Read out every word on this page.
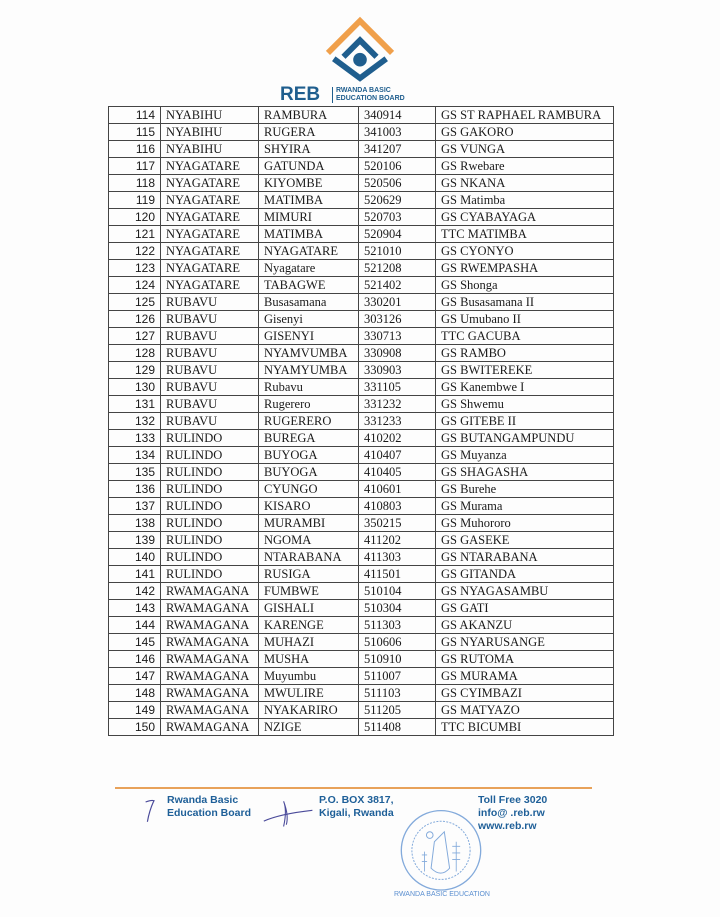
REB RWANDA BASIC
EDUCATION BOARD
114	NYABIHU	RAMBURA	340914	GS ST RAPHAEL RAMBURA
115	NYABIHU	RUGERA	341003	GS GAKORO
116	NYABIHU	SHYIRA	341207	GS VUNGA
117	NYAGATARE	GATUNDA	520106	GS Rwebare
118	NYAGATARE	KIYOMBE	520506	GS NKANA
119	NYAGATARE	MATIMBA	520629	GS Matimba
120	NYAGATARE	MIMURI	520703	GS CYABAYAGA
121	NYAGATARE	MATIMBA	520904	TTC MATIMBA
122	NYAGATARE	NYAGATARE	521010	GS CYONYO
123	NYAGATARE	Nyagatare	521208	GS RWEMPASHA
124	NYAGATARE	TABAGWE	521402	GS Shonga
125	RUBAVU	Busasamana	330201	GS Busasamana II
126	RUBAVU	Gisenyi	303126	GS Umubano II
127	RUBAVU	GISENYI	330713	TTC GACUBA
128	RUBAVU	NYAMVUMBA	330908	GS RAMBO
129	RUBAVU	NYAMYUMBA	330903	GS BWITEREKE
130	RUBAVU	Rubavu	331105	GS Kanembwe I
131	RUBAVU	Rugerero	331232	GS Shwemu
132	RUBAVU	RUGERERO	331233	GS GITEBE II
133	RULINDO	BUREGA	410202	GS BUTANGAMPUNDU
134	RULINDO	BUYOGA	410407	GS Muyanza
135	RULINDO	BUYOGA	410405	GS SHAGASHA
136	RULINDO	CYUNGO	410601	GS Burehe
137	RULINDO	KISARO	410803	GS Murama
138	RULINDO	MURAMBI	350215	GS Muhororo
139	RULINDO	NGOMA	411202	GS GASEKE
140	RULINDO	NTARABANA	411303	GS NTARABANA
141	RULINDO	RUSIGA	411501	GS GITANDA
142	RWAMAGANA	FUMBWE	510104	GS NYAGASAMBU
143	RWAMAGANA	GISHALI	510304	GS GATI
144	RWAMAGANA	KARENGE	511303	GS AKANZU
145	RWAMAGANA	MUHAZI	510606	GS NYARUSANGE
146	RWAMAGANA	MUSHA	510910	GS RUTOMA
147	RWAMAGANA	Muyumbu	511007	GS MURAMA
148	RWAMAGANA	MWULIRE	511103	GS CYIMBAZI
149	RWAMAGANA	NYAKARIRO	511205	GS MATYAZO
150	RWAMAGANA	NZIGE	511408	TTC BICUMBI
Rwanda Basic
Education Board
P.O. BOX 3817,
Kigali, Rwanda
RWANDA BASIC EDUCATION
Toll Free 3020
info@ .reb.rw
www.reb.rw
